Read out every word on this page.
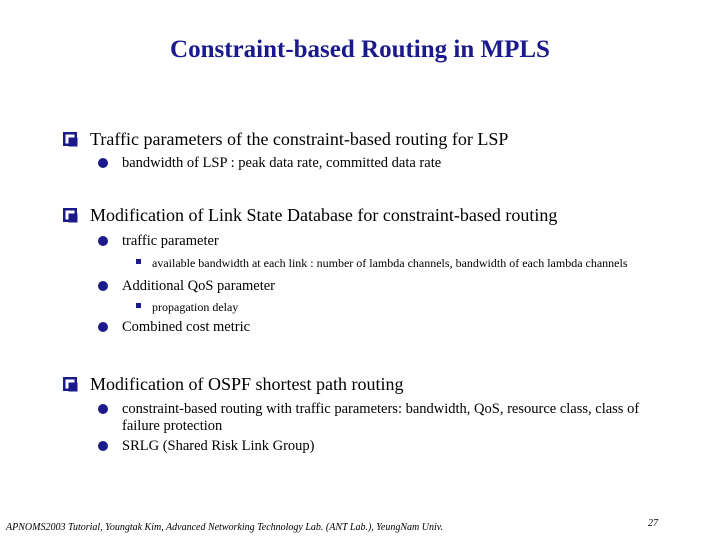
Constraint-based Routing in MPLS
Traffic parameters of the constraint-based routing for LSP
bandwidth of LSP : peak data rate, committed data rate
Modification of Link State Database for constraint-based routing
traffic parameter
available bandwidth at each link : number of lambda channels, bandwidth of each lambda channels
Additional QoS parameter
propagation delay
Combined cost metric
Modification of OSPF shortest path routing
constraint-based routing with traffic parameters: bandwidth, QoS, resource class, class of failure protection
SRLG (Shared Risk Link Group)
APNOMS2003 Tutorial, Youngtak Kim, Advanced Networking Technology Lab. (ANT Lab.), YeungNam Univ.	27
